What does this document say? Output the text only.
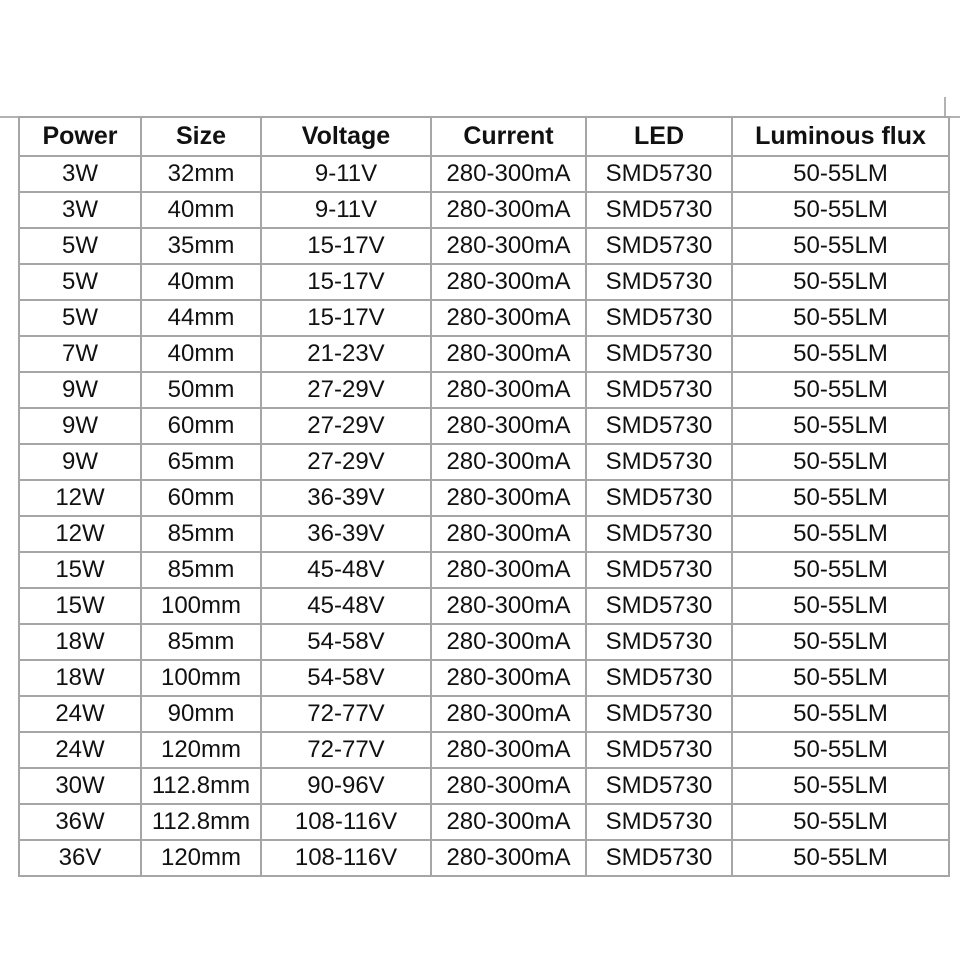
Power	Size	Voltage	Current	LED	Luminous flux
3W	32mm	9-11V	280-300mA	SMD5730	50-55LM
3W	40mm	9-11V	280-300mA	SMD5730	50-55LM
5W	35mm	15-17V	280-300mA	SMD5730	50-55LM
5W	40mm	15-17V	280-300mA	SMD5730	50-55LM
5W	44mm	15-17V	280-300mA	SMD5730	50-55LM
7W	40mm	21-23V	280-300mA	SMD5730	50-55LM
9W	50mm	27-29V	280-300mA	SMD5730	50-55LM
9W	60mm	27-29V	280-300mA	SMD5730	50-55LM
9W	65mm	27-29V	280-300mA	SMD5730	50-55LM
12W	60mm	36-39V	280-300mA	SMD5730	50-55LM
12W	85mm	36-39V	280-300mA	SMD5730	50-55LM
15W	85mm	45-48V	280-300mA	SMD5730	50-55LM
15W	100mm	45-48V	280-300mA	SMD5730	50-55LM
18W	85mm	54-58V	280-300mA	SMD5730	50-55LM
18W	100mm	54-58V	280-300mA	SMD5730	50-55LM
24W	90mm	72-77V	280-300mA	SMD5730	50-55LM
24W	120mm	72-77V	280-300mA	SMD5730	50-55LM
30W	112.8mm	90-96V	280-300mA	SMD5730	50-55LM
36W	112.8mm	108-116V	280-300mA	SMD5730	50-55LM
36V	120mm	108-116V	280-300mA	SMD5730	50-55LM
